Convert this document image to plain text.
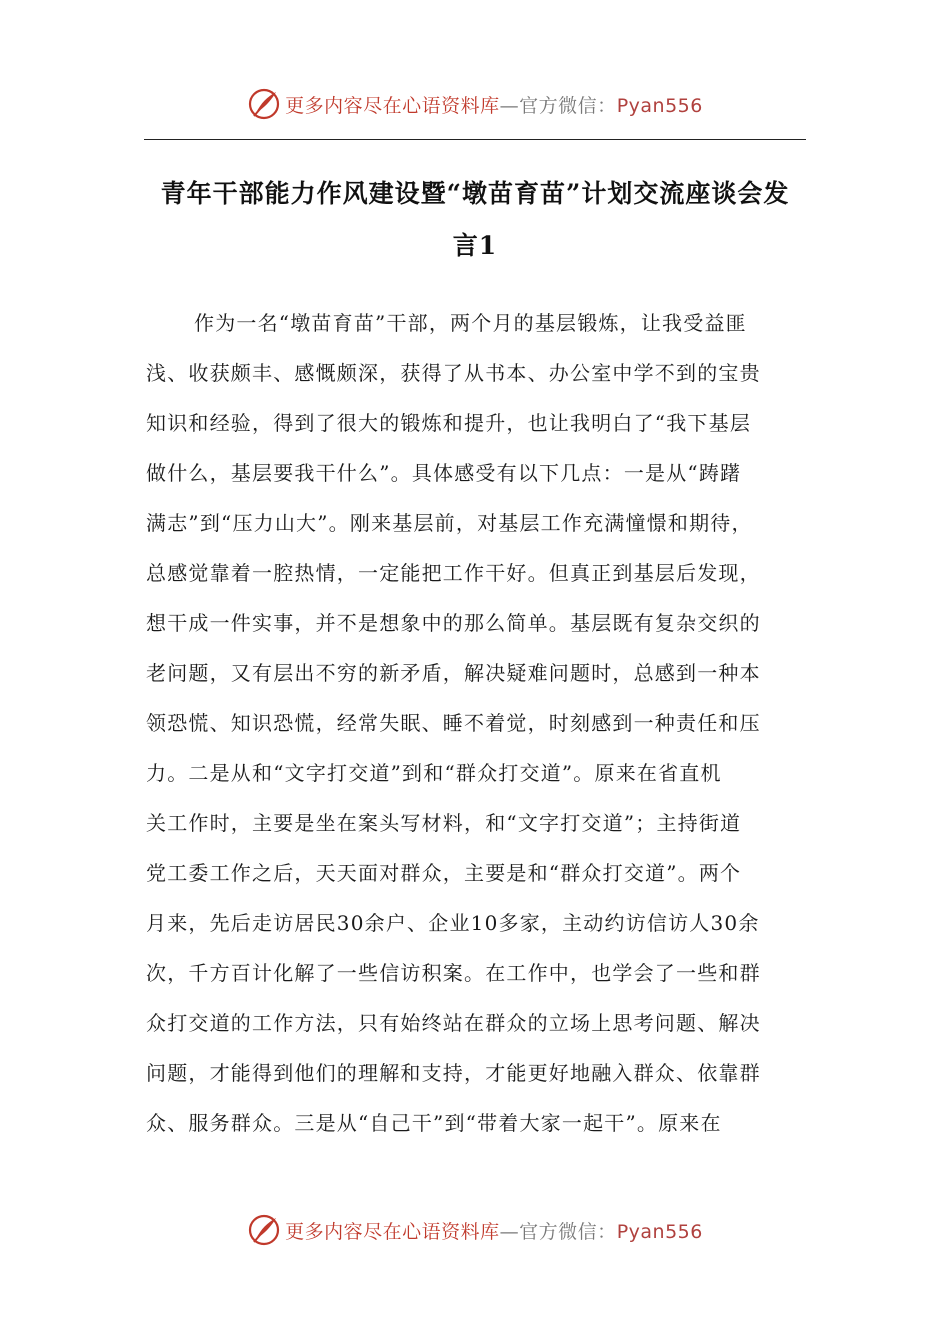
更多内容尽在心语资料库—官方微信：Pyan556
青年干部能力作风建设暨“墩苗育苗”计划交流座谈会发
言1
作为一名“墩苗育苗”干部，两个月的基层锻炼，让我受益匪
浅、收获颇丰、感慨颇深，获得了从书本、办公室中学不到的宝贵
知识和经验，得到了很大的锻炼和提升，也让我明白了“我下基层
做什么，基层要我干什么”。具体感受有以下几点：一是从“踌躇
满志”到“压力山大”。刚来基层前，对基层工作充满憧憬和期待，
总感觉靠着一腔热情，一定能把工作干好。但真正到基层后发现，
想干成一件实事，并不是想象中的那么简单。基层既有复杂交织的
老问题，又有层出不穷的新矛盾，解决疑难问题时，总感到一种本
领恐慌、知识恐慌，经常失眠、睡不着觉，时刻感到一种责任和压
力。二是从和“文字打交道”到和“群众打交道”。原来在省直机
关工作时，主要是坐在案头写材料，和“文字打交道”；主持街道
党工委工作之后，天天面对群众，主要是和“群众打交道”。两个
月来，先后走访居民30余户、企业10多家，主动约访信访人30余
次，千方百计化解了一些信访积案。在工作中，也学会了一些和群
众打交道的工作方法，只有始终站在群众的立场上思考问题、解决
问题，才能得到他们的理解和支持，才能更好地融入群众、依靠群
众、服务群众。三是从“自己干”到“带着大家一起干”。原来在
更多内容尽在心语资料库—官方微信：Pyan556
